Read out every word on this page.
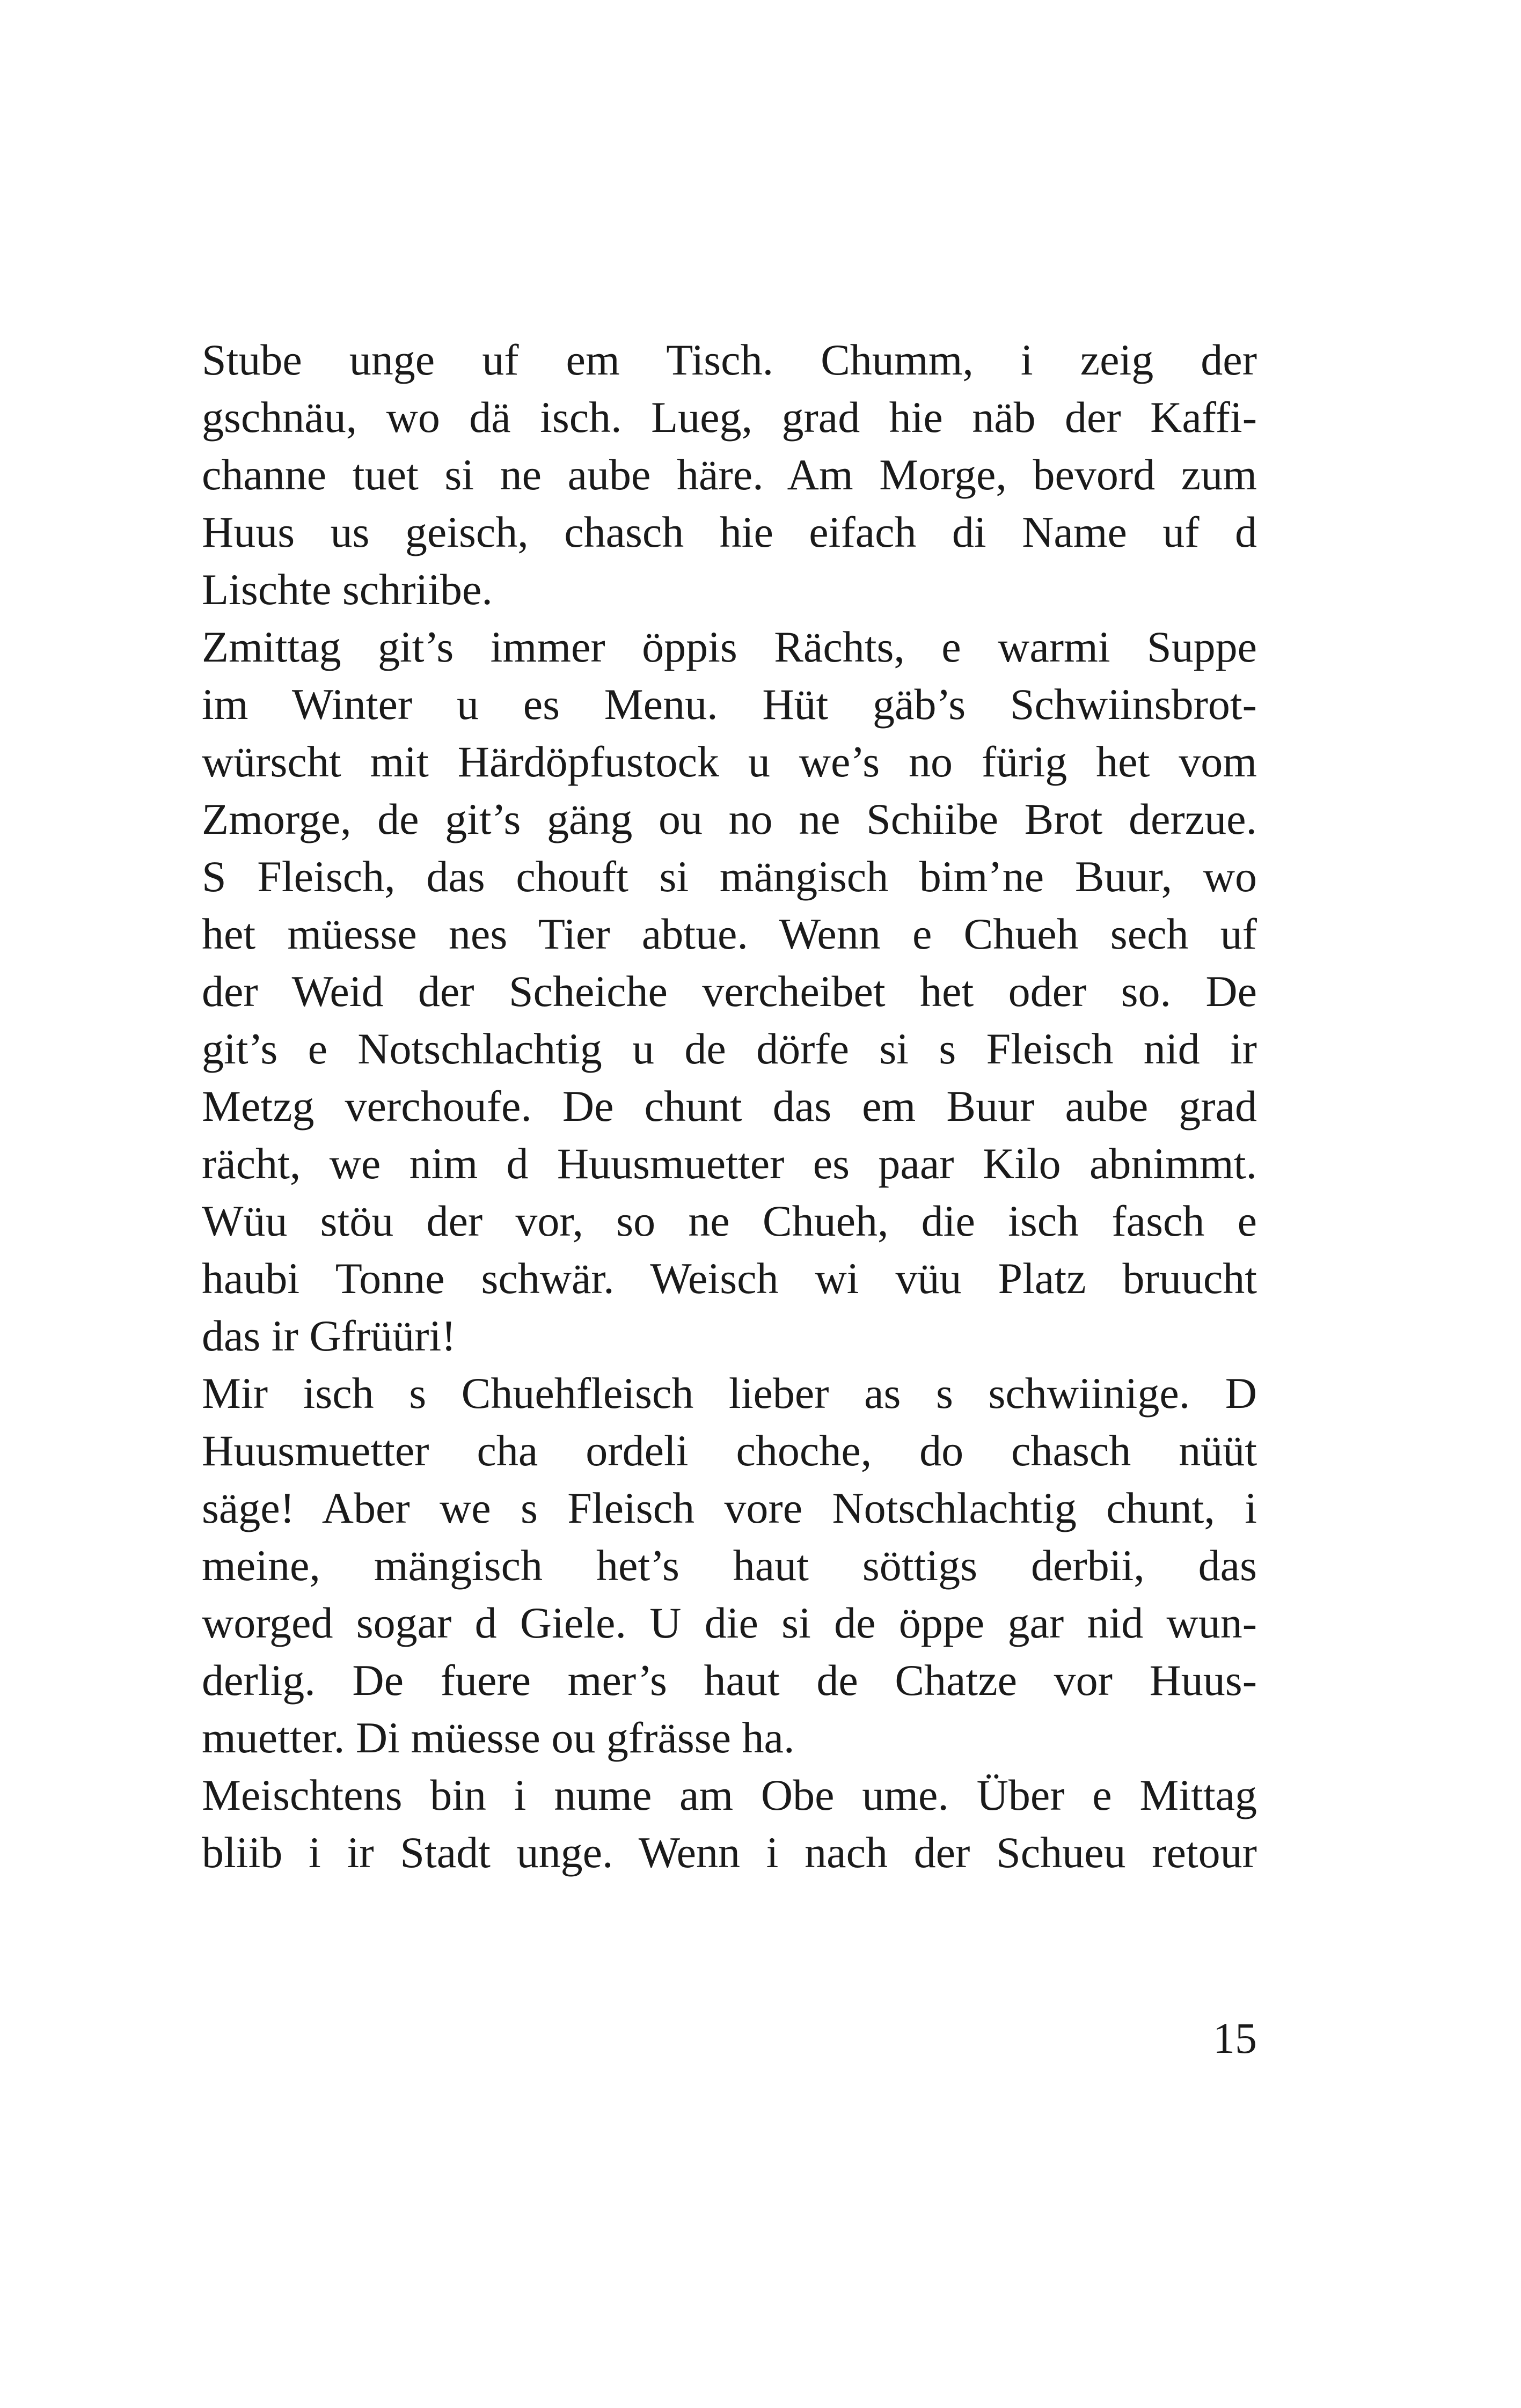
Stube unge uf em Tisch. Chumm, i zeig der
gschnäu, wo dä isch. Lueg, grad hie näb der Kaffi-
channe tuet si ne aube häre. Am Morge, bevord zum
Huus us geisch, chasch hie eifach di Name uf d
Lischte schriibe.
Zmittag git’s immer öppis Rächts, e warmi Suppe
im Winter u es Menu. Hüt gäb’s Schwiinsbrot-
würscht mit Härdöpfustock u we’s no fürig het vom
Zmorge, de git’s gäng ou no ne Schiibe Brot derzue.
S Fleisch, das chouft si mängisch bim’ne Buur, wo
het müesse nes Tier abtue. Wenn e Chueh sech uf
der Weid der Scheiche vercheibet het oder so. De
git’s e Notschlachtig u de dörfe si s Fleisch nid ir
Metzg verchoufe. De chunt das em Buur aube grad
rächt, we nim d Huusmuetter es paar Kilo abnimmt.
Wüu stöu der vor, so ne Chueh, die isch fasch e
haubi Tonne schwär. Weisch wi vüu Platz bruucht
das ir Gfrüüri!
Mir isch s Chuehfleisch lieber as s schwiinige. D
Huusmuetter cha ordeli choche, do chasch nüüt
säge! Aber we s Fleisch vore Notschlachtig chunt, i
meine, mängisch het’s haut söttigs derbii, das
worged sogar d Giele. U die si de öppe gar nid wun-
derlig. De fuere mer’s haut de Chatze vor Huus-
muetter. Di müesse ou gfrässe ha.
Meischtens bin i nume am Obe ume. Über e Mittag
bliib i ir Stadt unge. Wenn i nach der Schueu retour
15
